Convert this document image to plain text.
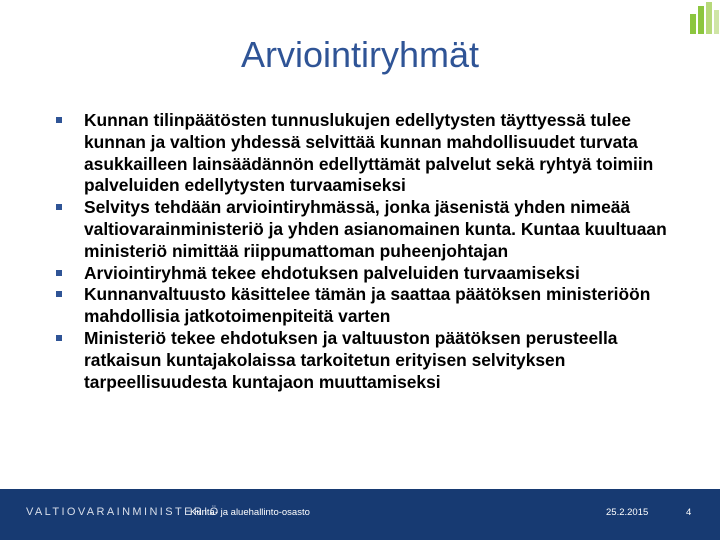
Arviointiryhmät
Kunnan tilinpäätösten tunnuslukujen edellytysten täyttyessä tulee kunnan ja valtion yhdessä selvittää kunnan mahdollisuudet turvata asukkailleen lainsäädännön edellyttämät palvelut sekä ryhtyä toimiin palveluiden edellytysten turvaamiseksi
Selvitys tehdään arviointiryhmässä, jonka jäsenistä yhden nimeää valtiovarainministeriö ja yhden asianomainen kunta. Kuntaa kuultuaan ministeriö nimittää riippumattoman puheenjohtajan
Arviointiryhmä tekee ehdotuksen palveluiden turvaamiseksi
Kunnanvaltuusto käsittelee tämän ja saattaa päätöksen ministeriöön mahdollisia jatkotoimenpiteitä varten
Ministeriö tekee ehdotuksen ja valtuuston päätöksen perusteella ratkaisun kuntajakolaissa tarkoitetun erityisen selvityksen tarpeellisuudesta kuntajaon muuttamiseksi
VALTIOVARAINMINISTERIÖ
Kunta- ja aluehallinto-osasto	25.2.2015	4
